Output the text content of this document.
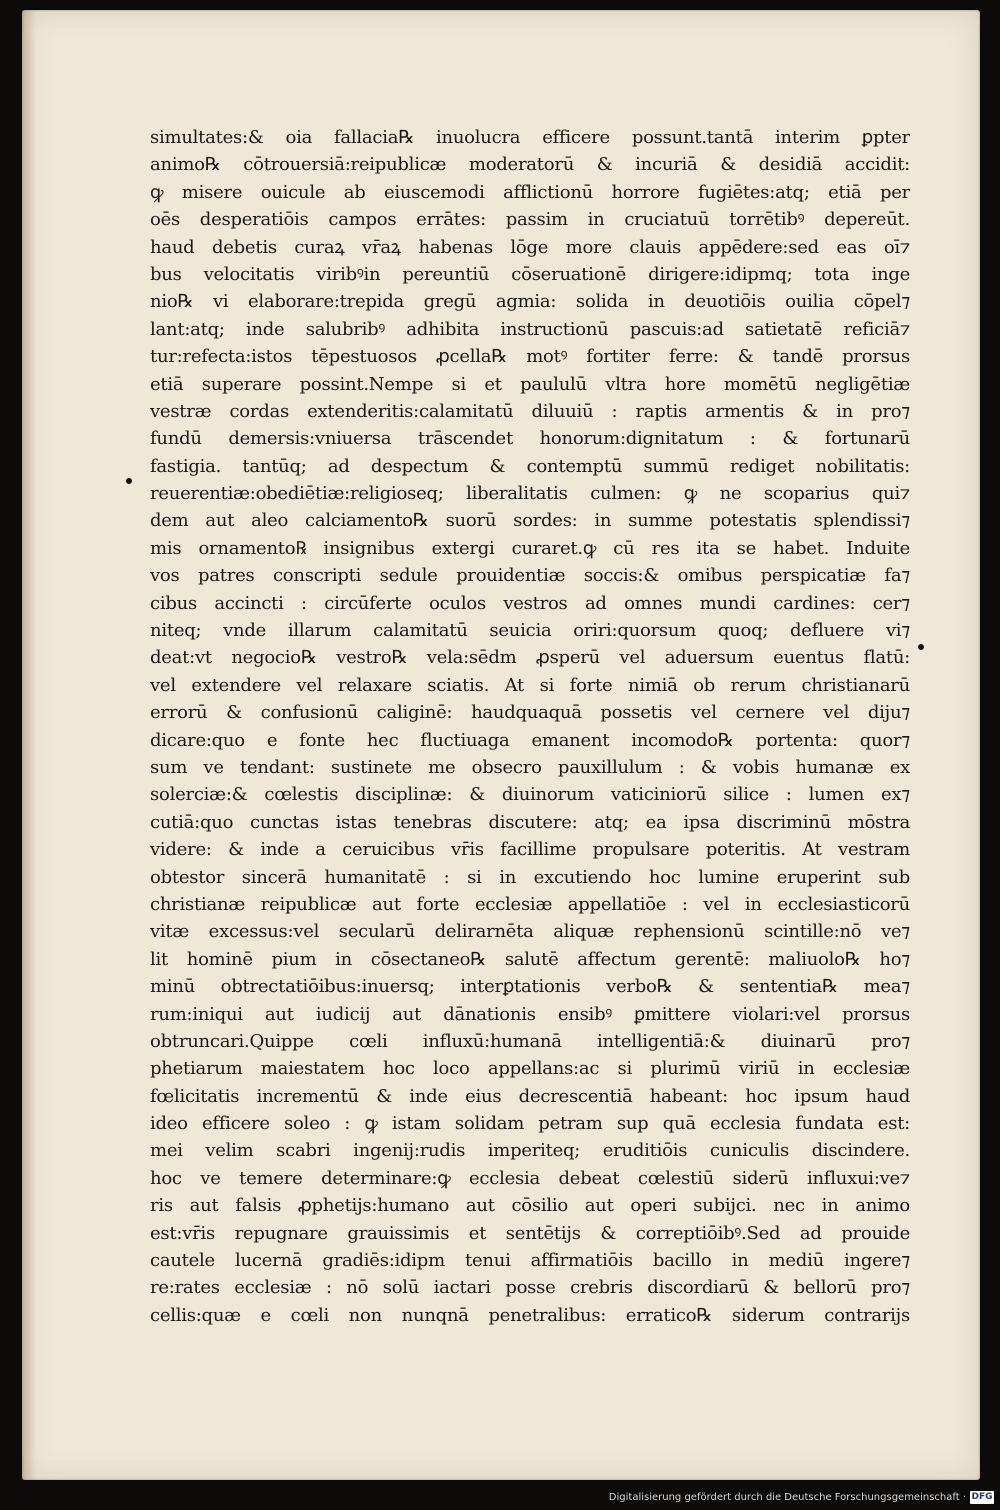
simultates:& oia fallacia℞ inuolucra efficere possunt.tantā interim ꝑpter
animo℞ cōtrouersiā:reipublicæ moderatorū & incuriā & desidiā accidit:
ꝙ misere ouicule ab eiuscemodi afflictionū horrore fugiētes:atq; etiā per
oēs desperatiōis campos errātes: passim in cruciatuū torrētibꝰ depereūt.
haud debetis curaꝝ vr̄aꝝ habenas lōge more clauis appēdere:sed eas oī⁊
bus velocitatis viribꝰin pereuntiū cōseruationē dirigere:idipmq; tota inge
nio℞ vi elaborare:trepida gregū agmia: solida in deuotiōis ouilia cōpel⁊
lant:atq; inde salubribꝰ adhibita instructionū pascuis:ad satietatē reficiā⁊
tur:refecta:istos tēpestuosos ꝓcella℞ motꝰ fortiter ferre: & tandē prorsus
etiā superare possint.Nempe si et paululū vltra hore momētū negligētiæ
vestræ cordas extenderitis:calamitatū diluuiū : raptis armentis & in pro⁊
fundū demersis:vniuersa trāscendet honorum:dignitatum : & fortunarū
fastigia. tantūq; ad despectum & contemptū summū rediget nobilitatis:
reuerentiæ:obediētiæ:religioseq; liberalitatis culmen: ꝙ ne scoparius qui⁊
dem aut aleo calciamento℞ suorū sordes: in summe potestatis splendissi⁊
mis ornamento℞ insignibus extergi curaret.ꝙ cū res ita se habet. Induite
vos patres conscripti sedule prouidentiæ soccis:& omibus perspicatiæ fa⁊
cibus accincti : circūferte oculos vestros ad omnes mundi cardines: cer⁊
niteq; vnde illarum calamitatū seuicia oriri:quorsum quoq; defluere vi⁊
deat:vt negocio℞ vestro℞ vela:sēdm ꝓsperū vel aduersum euentus flatū:
vel extendere vel relaxare sciatis. At si forte nimiā ob rerum christianarū
errorū & confusionū caliginē: haudquaquā possetis vel cernere vel diju⁊
dicare:quo e fonte hec fluctiuaga emanent incomodo℞ portenta: quor⁊
sum ve tendant: sustinete me obsecro pauxillulum : & vobis humanæ ex
solerciæ:& cœlestis disciplinæ: & diuinorum vaticiniorū silice : lumen ex⁊
cutiā:quo cunctas istas tenebras discutere: atq; ea ipsa discriminū mōstra
videre: & inde a ceruicibus vr̄is facillime propulsare poteritis. At vestram
obtestor sincerā humanitatē : si in excutiendo hoc lumine eruperint sub
christianæ reipublicæ aut forte ecclesiæ appellatiōe : vel in ecclesiasticorū
vitæ excessus:vel secularū delirarnēta aliquæ rephensionū scintille:nō ve⁊
lit hominē pium in cōsectaneo℞ salutē affectum gerentē: maliuolo℞ ho⁊
minū obtrectatiōibus:inuersq; interꝑtationis verbo℞ & sententia℞ mea⁊
rum:iniqui aut iudicij aut dānationis ensibꝰ ꝑmittere violari:vel prorsus
obtruncari.Quippe cœli influxū:humanā intelligentiā:& diuinarū pro⁊
phetiarum maiestatem hoc loco appellans:ac si plurimū viriū in ecclesiæ
fœlicitatis incrementū & inde eius decrescentiā habeant: hoc ipsum haud
ideo efficere soleo : ꝙ istam solidam petram sup quā ecclesia fundata est:
mei velim scabri ingenij:rudis imperiteq; eruditiōis cuniculis discindere.
hoc ve temere determinare:ꝙ ecclesia debeat cœlestiū siderū influxui:ve⁊
ris aut falsis ꝓphetijs:humano aut cōsilio aut operi subijci. nec in animo
est:vr̄is repugnare grauissimis et sentētijs & correptiōibꝰ.Sed ad prouide
cautele lucernā gradiēs:idipm tenui affirmatiōis bacillo in mediū ingere⁊
re:rates ecclesiæ : nō solū iactari posse crebris discordiarū & bellorū pro⁊
cellis:quæ e cœli non nunqnā penetralibus: erratico℞ siderum contrarijs
Digitalisierung gefördert durch die Deutsche Forschungsgemeinschaft · DFG
